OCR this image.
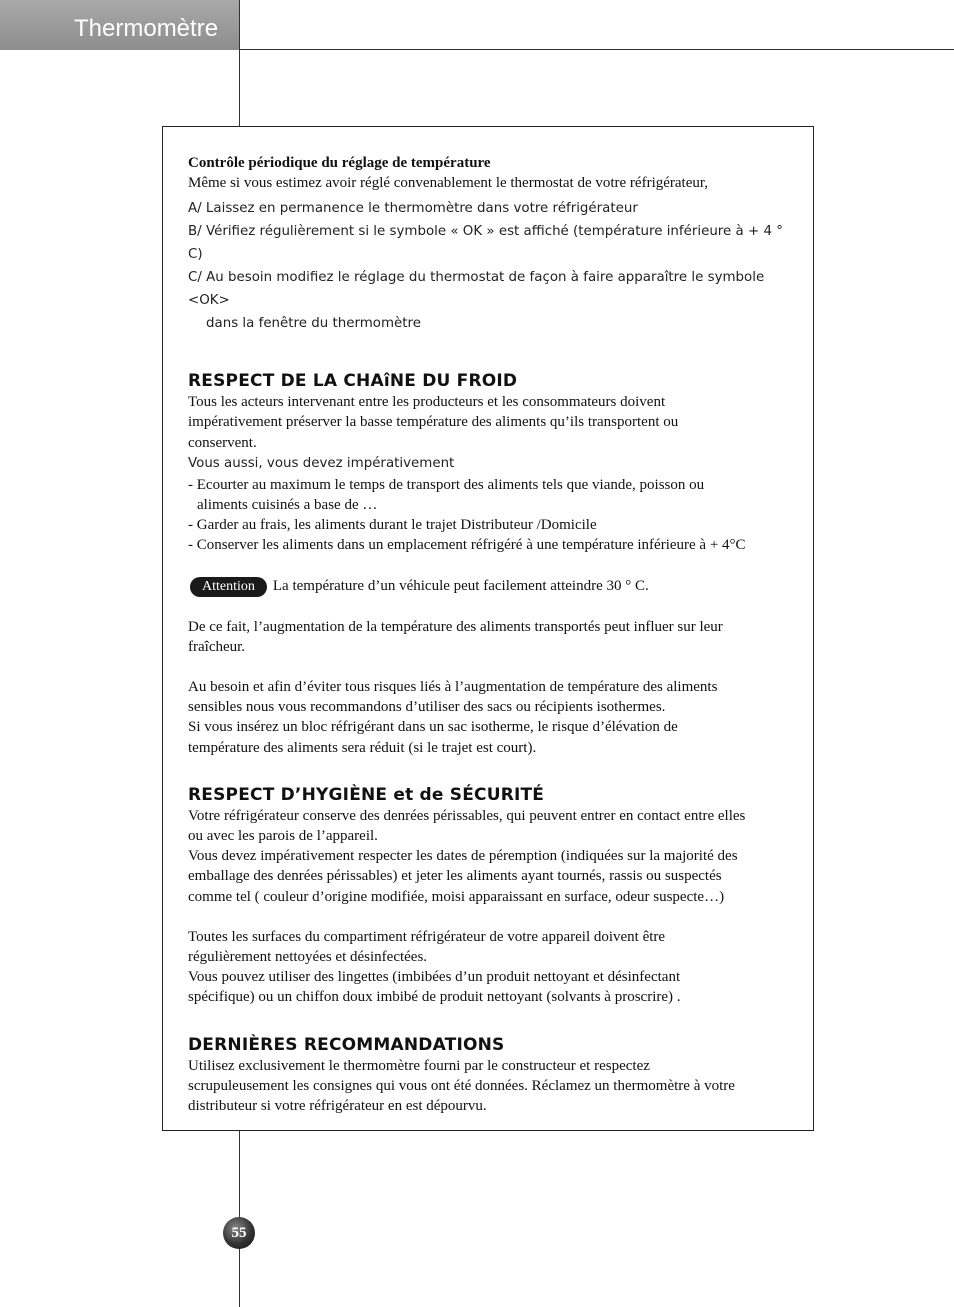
Thermomètre
Contrôle périodique du réglage de température

Même si vous estimez avoir réglé convenablement le thermostat de votre réfrigérateur,

A/ Laissez en permanence le thermomètre dans votre réfrigérateur
B/ Vérifiez régulièrement si le symbole « OK » est affiché (température inférieure à + 4 ° C)
C/ Au besoin modifiez le réglage du thermostat de façon à faire apparaître le symbole <OK>
dans la fenêtre du thermomètre
RESPECT DE LA CHAîNE DU FROID

Tous les acteurs intervenant entre les producteurs et les consommateurs doivent

impérativement préserver la basse température des aliments qu’ils transportent ou

conservent.

Vous aussi, vous devez impérativement

- Ecourter au maximum le temps de transport des aliments tels que viande, poisson ou

aliments cuisinés a base de …

- Garder au frais, les aliments durant le trajet Distributeur /Domicile

- Conserver les aliments dans un emplacement réfrigéré à une température inférieure à + 4°C

Attention La température d’un véhicule peut facilement atteindre 30 ° C.

De ce fait, l’augmentation de la température des aliments transportés peut influer sur leur

fraîcheur.

Au besoin et afin d’éviter tous risques liés à l’augmentation de température des aliments

sensibles nous vous recommandons d’utiliser des sacs ou récipients isothermes.

Si vous insérez un bloc réfrigérant dans un sac isotherme, le risque d’élévation de

température des aliments sera réduit (si le trajet est court).

RESPECT D’HYGIÈNE et de SÉCURITÉ

Votre réfrigérateur conserve des denrées périssables, qui peuvent entrer en contact entre elles

ou avec les parois de l’appareil.

Vous devez impérativement respecter les dates de péremption (indiquées sur la majorité des

emballage des denrées périssables) et jeter les aliments ayant tournés, rassis ou suspectés

comme tel ( couleur d’origine modifiée, moisi apparaissant en surface, odeur suspecte…)

Toutes les surfaces du compartiment réfrigérateur de votre appareil doivent être

régulièrement nettoyées et désinfectées.

Vous pouvez utiliser des lingettes (imbibées d’un produit nettoyant et désinfectant

spécifique) ou un chiffon doux imbibé de produit nettoyant (solvants à proscrire) .

DERNIÈRES RECOMMANDATIONS

Utilisez exclusivement le thermomètre fourni par le constructeur et respectez

scrupuleusement les consignes qui vous ont été données. Réclamez un thermomètre à votre

distributeur si votre réfrigérateur en est dépourvu.

55
